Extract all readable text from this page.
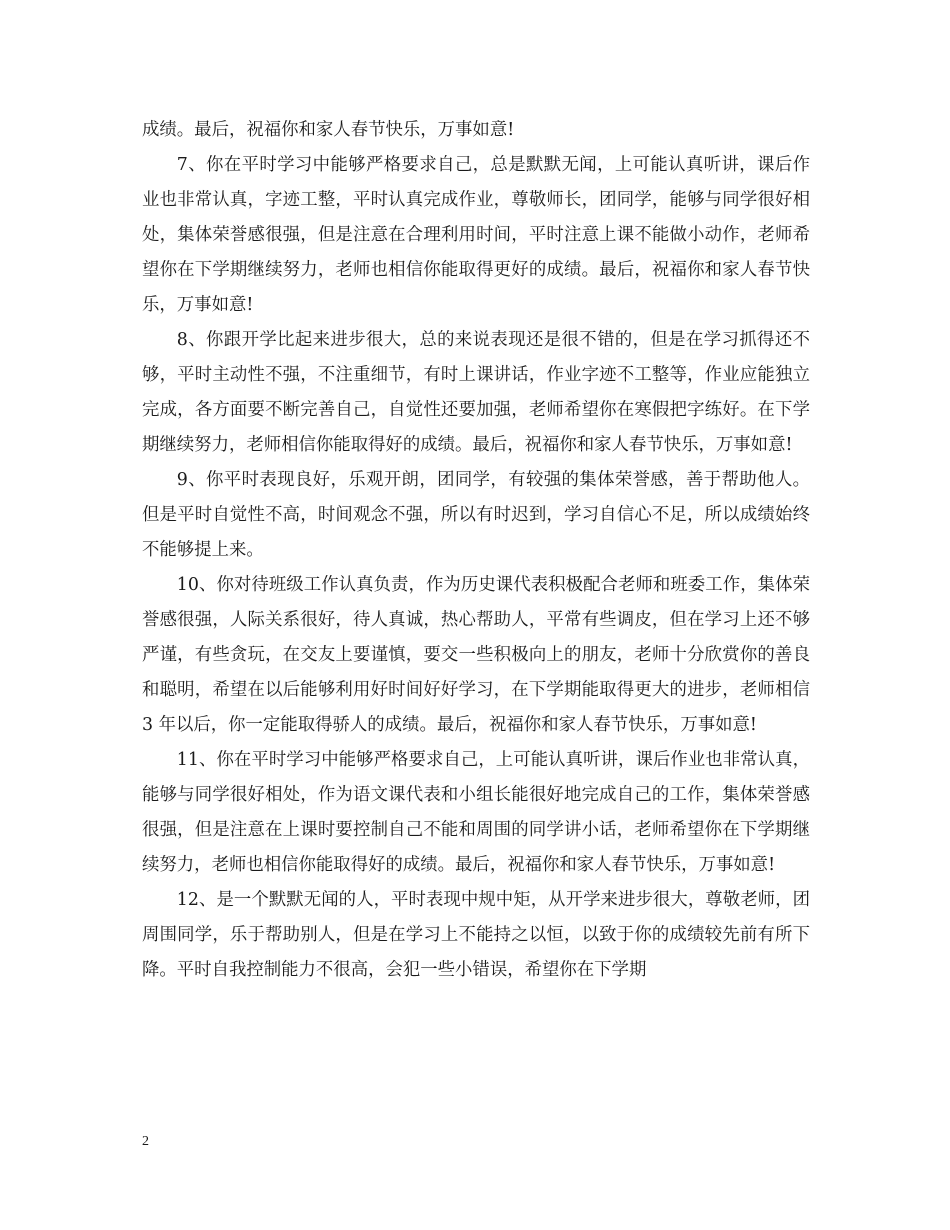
成绩。最后，祝福你和家人春节快乐，万事如意!

7、你在平时学习中能够严格要求自己，总是默默无闻，上可能认真听讲，课后作业也非常认真，字迹工整，平时认真完成作业，尊敬师长，团同学，能够与同学很好相处，集体荣誉感很强，但是注意在合理利用时间，平时注意上课不能做小动作，老师希望你在下学期继续努力，老师也相信你能取得更好的成绩。最后，祝福你和家人春节快乐，万事如意!

8、你跟开学比起来进步很大，总的来说表现还是很不错的，但是在学习抓得还不够，平时主动性不强，不注重细节，有时上课讲话，作业字迹不工整等，作业应能独立完成，各方面要不断完善自己，自觉性还要加强，老师希望你在寒假把字练好。在下学期继续努力，老师相信你能取得好的成绩。最后，祝福你和家人春节快乐，万事如意!

9、你平时表现良好，乐观开朗，团同学，有较强的集体荣誉感，善于帮助他人。但是平时自觉性不高，时间观念不强，所以有时迟到，学习自信心不足，所以成绩始终不能够提上来。

10、你对待班级工作认真负责，作为历史课代表积极配合老师和班委工作，集体荣誉感很强，人际关系很好，待人真诚，热心帮助人，平常有些调皮，但在学习上还不够严谨，有些贪玩，在交友上要谨慎，要交一些积极向上的朋友，老师十分欣赏你的善良和聪明，希望在以后能够利用好时间好好学习，在下学期能取得更大的进步，老师相信 3 年以后，你一定能取得骄人的成绩。最后，祝福你和家人春节快乐，万事如意!

11、你在平时学习中能够严格要求自己，上可能认真听讲，课后作业也非常认真，能够与同学很好相处，作为语文课代表和小组长能很好地完成自己的工作，集体荣誉感很强，但是注意在上课时要控制自己不能和周围的同学讲小话，老师希望你在下学期继续努力，老师也相信你能取得好的成绩。最后，祝福你和家人春节快乐，万事如意!

12、是一个默默无闻的人，平时表现中规中矩，从开学来进步很大，尊敬老师，团周围同学，乐于帮助别人，但是在学习上不能持之以恒，以致于你的成绩较先前有所下降。平时自我控制能力不很高，会犯一些小错误，希望你在下学期

2
